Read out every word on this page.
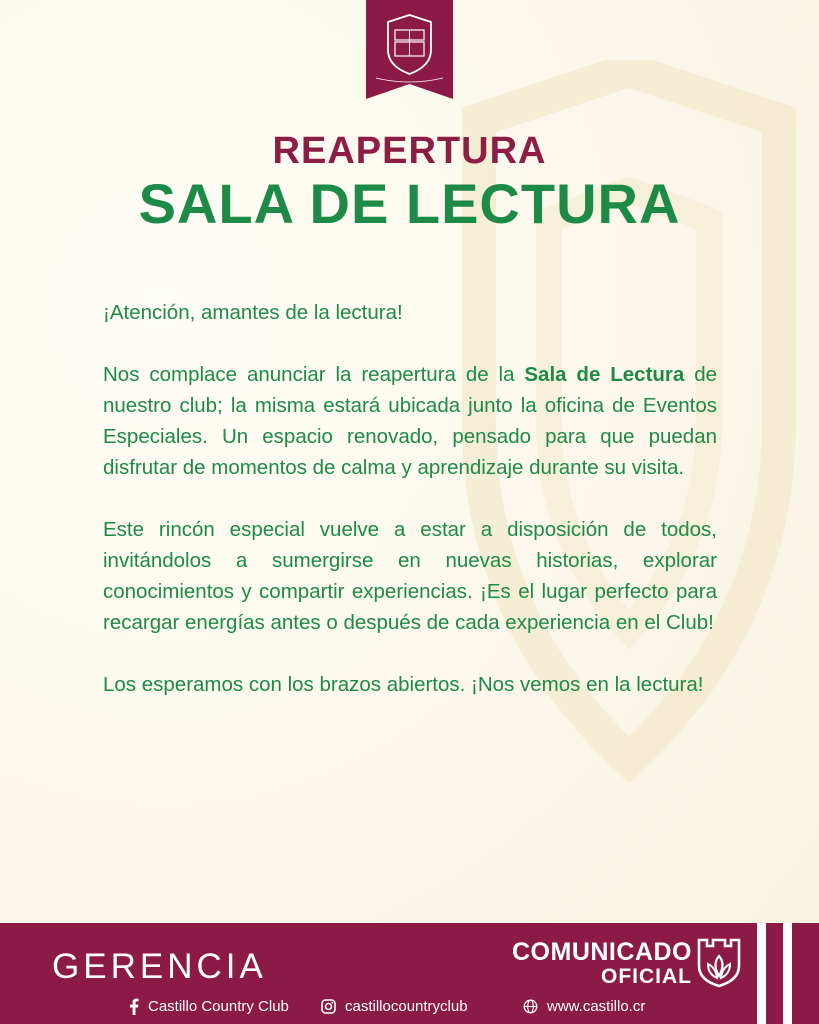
REAPERTURA
SALA DE LECTURA

¡Atención, amantes de la lectura!

Nos complace anunciar la reapertura de la Sala de Lectura de nuestro club; la misma estará ubicada junto la oficina de Eventos Especiales. Un espacio renovado, pensado para que puedan disfrutar de momentos de calma y aprendizaje durante su visita.

Este rincón especial vuelve a estar a disposición de todos, invitándolos a sumergirse en nuevas historias, explorar conocimientos y compartir experiencias. ¡Es el lugar perfecto para recargar energías antes o después de cada experiencia en el Club!

Los esperamos con los brazos abiertos. ¡Nos vemos en la lectura!

GERENCIA	COMUNICADO
OFICIAL
Castillo Country Club	castillocountryclub	www.castillo.cr
